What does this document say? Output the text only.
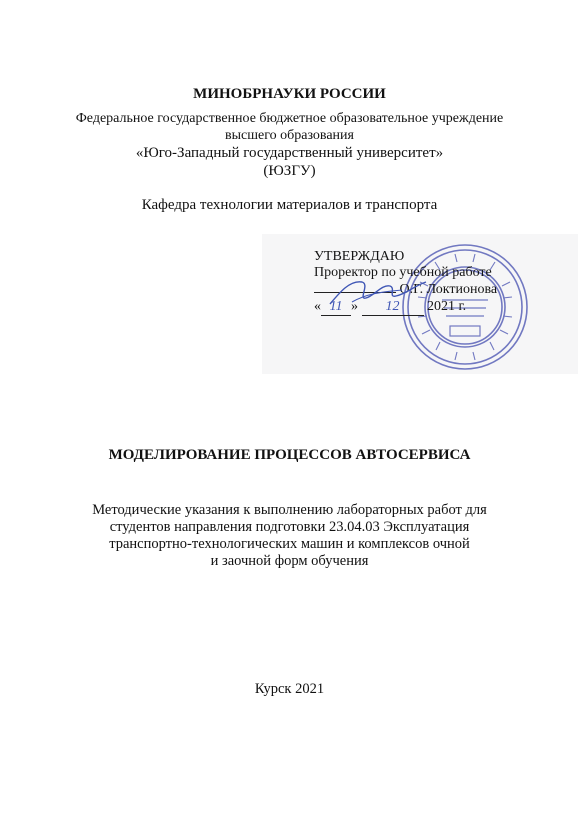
МИНОБРНАУКИ РОССИИ
Федеральное государственное бюджетное образовательное учреждение
высшего образования
«Юго-Западный государственный университет»
(ЮЗГУ)
Кафедра технологии материалов и транспорта
УТВЕРЖДАЮ
Проректор по учебной работе
О.Г. Локтионова
« 11 » 12 2021 г.
МОДЕЛИРОВАНИЕ ПРОЦЕССОВ АВТОСЕРВИСА
Методические указания к выполнению лабораторных работ для
студентов направления подготовки 23.04.03 Эксплуатация
транспортно-технологических машин и комплексов очной
и заочной форм обучения
Курск 2021
